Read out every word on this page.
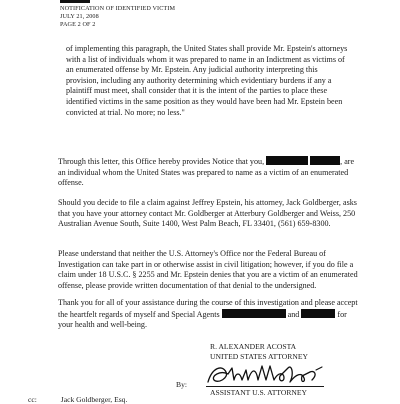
NOTIFICATION OF IDENTIFIED VICTIM
JULY 21, 2008
PAGE 2 OF 2
of implementing this paragraph, the United States shall provide Mr. Epstein's attorneys with a list of individuals whom it was prepared to name in an Indictment as victims of an enumerated offense by Mr. Epstein. Any judicial authority interpreting this provision, including any authority determining which evidentiary burdens if any a plaintiff must meet, shall consider that it is the intent of the parties to place these identified victims in the same position as they would have been had Mr. Epstein been convicted at trial. No more; no less."
Through this letter, this Office hereby provides Notice that you,	, are an individual whom the United States was prepared to name as a victim of an enumerated offense.
Should you decide to file a claim against Jeffrey Epstein, his attorney, Jack Goldberger, asks that you have your attorney contact Mr. Goldberger at Atterbury Goldberger and Weiss, 250 Australian Avenue South, Suite 1400, West Palm Beach, FL 33401, (561) 659-8300.
Please understand that neither the U.S. Attorney's Office nor the Federal Bureau of Investigation can take part in or otherwise assist in civil litigation; however, if you do file a claim under 18 U.S.C. § 2255 and Mr. Epstein denies that you are a victim of an enumerated offense, please provide written documentation of that denial to the undersigned.
Thank you for all of your assistance during the course of this investigation and please accept the heartfelt regards of myself and Special Agents	and	for your health and well-being.
R. ALEXANDER ACOSTA
UNITED STATES ATTORNEY
By:
ASSISTANT U.S. ATTORNEY
cc:	Jack Goldberger, Esq.
